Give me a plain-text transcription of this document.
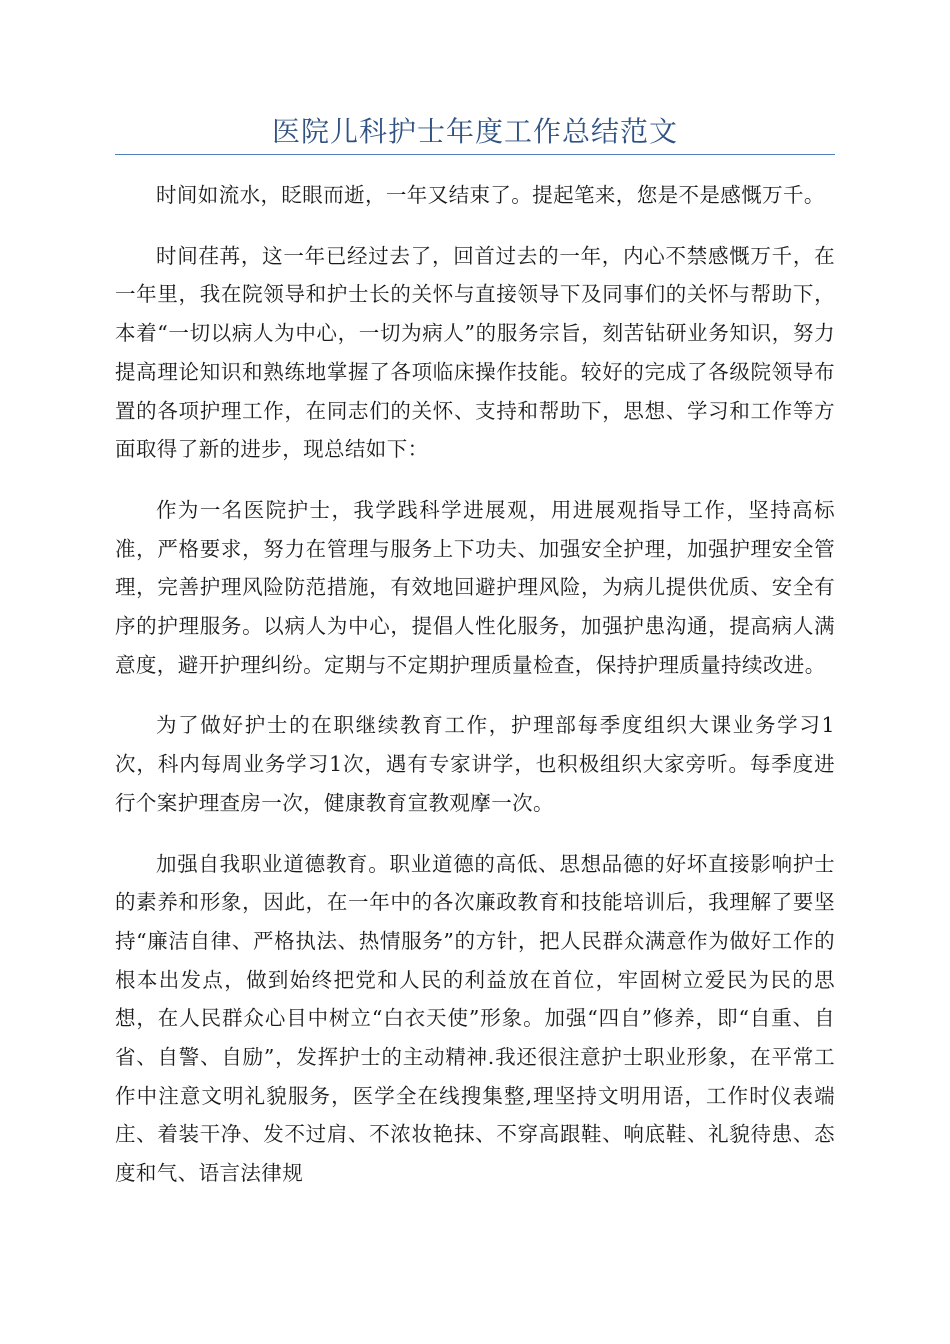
医院儿科护士年度工作总结范文

时间如流水，眨眼而逝，一年又结束了。提起笔来，您是不是感慨万千。

时间荏苒，这一年已经过去了，回首过去的一年，内心不禁感慨万千，在一年里，我在院领导和护士长的关怀与直接领导下及同事们的关怀与帮助下，本着“一切以病人为中心，一切为病人”的服务宗旨，刻苦钻研业务知识，努力提高理论知识和熟练地掌握了各项临床操作技能。较好的完成了各级院领导布置的各项护理工作，在同志们的关怀、支持和帮助下，思想、学习和工作等方面取得了新的进步，现总结如下：

作为一名医院护士，我学践科学进展观，用进展观指导工作，坚持高标准，严格要求，努力在管理与服务上下功夫、加强安全护理，加强护理安全管理，完善护理风险防范措施，有效地回避护理风险，为病儿提供优质、安全有序的护理服务。以病人为中心，提倡人性化服务，加强护患沟通，提高病人满意度，避开护理纠纷。定期与不定期护理质量检查，保持护理质量持续改进。

为了做好护士的在职继续教育工作，护理部每季度组织大课业务学习1次，科内每周业务学习1次，遇有专家讲学，也积极组织大家旁听。每季度进行个案护理查房一次，健康教育宣教观摩一次。

加强自我职业道德教育。职业道德的高低、思想品德的好坏直接影响护士的素养和形象，因此，在一年中的各次廉政教育和技能培训后，我理解了要坚持“廉洁自律、严格执法、热情服务”的方针，把人民群众满意作为做好工作的根本出发点，做到始终把党和人民的利益放在首位，牢固树立爱民为民的思想，在人民群众心目中树立“白衣天使”形象。加强“四自”修养，即“自重、自省、自警、自励”，发挥护士的主动精神.我还很注意护士职业形象，在平常工作中注意文明礼貌服务，医学全在线搜集整,理坚持文明用语，工作时仪表端庄、着装干净、发不过肩、不浓妆艳抹、不穿高跟鞋、响底鞋、礼貌待患、态度和气、语言法律规
